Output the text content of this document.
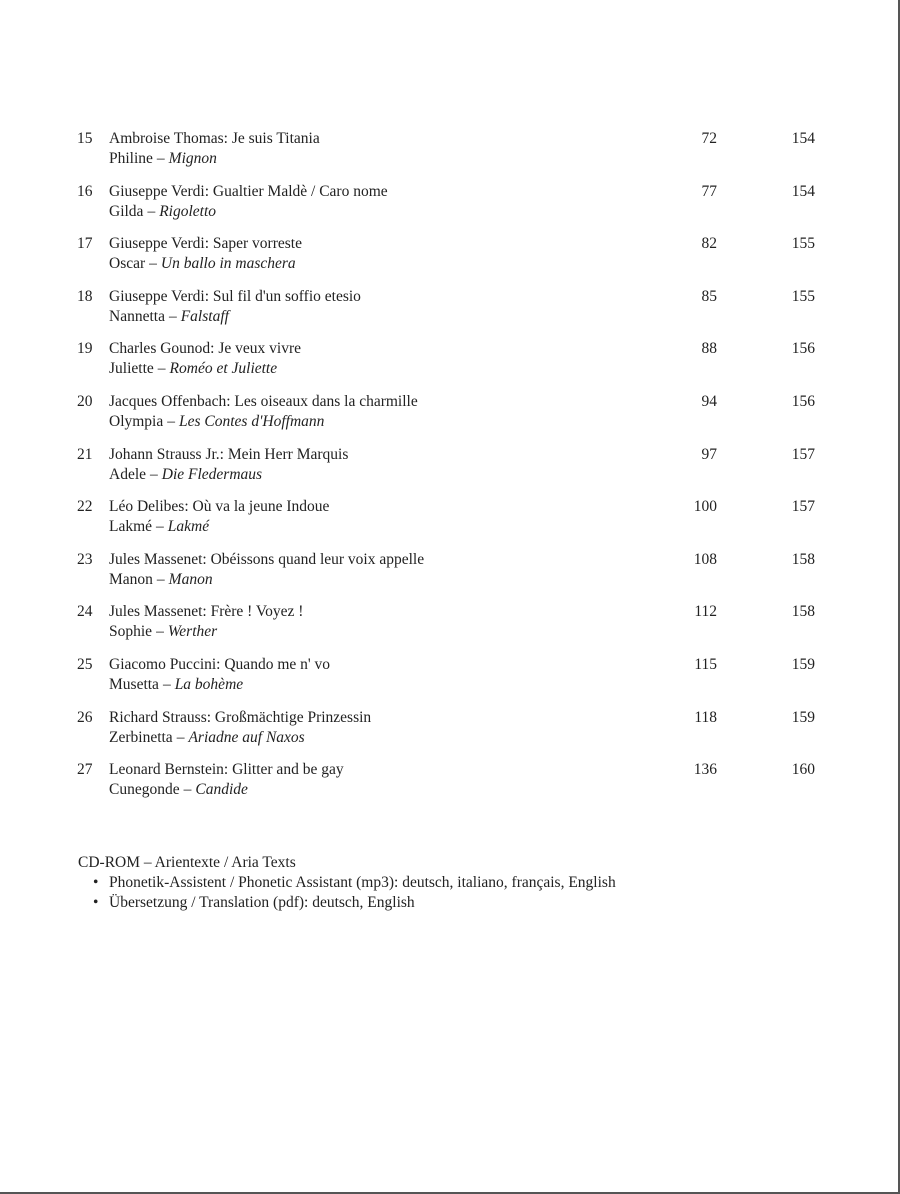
15	Ambroise Thomas: Je suis Titania
Philine – Mignon
72	154
16	Giuseppe Verdi: Gualtier Maldè / Caro nome
Gilda – Rigoletto
77	154
17	Giuseppe Verdi: Saper vorreste
Oscar – Un ballo in maschera
82	155
18	Giuseppe Verdi: Sul fil d'un soffio etesio
Nannetta – Falstaff
85	155
19	Charles Gounod: Je veux vivre
Juliette – Roméo et Juliette
88	156
20	Jacques Offenbach: Les oiseaux dans la charmille
Olympia – Les Contes d'Hoffmann
94	156
21	Johann Strauss Jr.: Mein Herr Marquis
Adele – Die Fledermaus
97	157
22	Léo Delibes: Où va la jeune Indoue
Lakmé – Lakmé
100	157
23	Jules Massenet: Obéissons quand leur voix appelle
Manon – Manon
108	158
24	Jules Massenet: Frère ! Voyez !
Sophie – Werther
112	158
25	Giacomo Puccini: Quando me n' vo
Musetta – La bohème
115	159
26	Richard Strauss: Großmächtige Prinzessin
Zerbinetta – Ariadne auf Naxos
118	159
27	Leonard Bernstein: Glitter and be gay
Cunegonde – Candide
136	160
CD-ROM – Arientexte / Aria Texts
• Phonetik-Assistent / Phonetic Assistant (mp3): deutsch, italiano, français, English
• Übersetzung / Translation (pdf): deutsch, English
